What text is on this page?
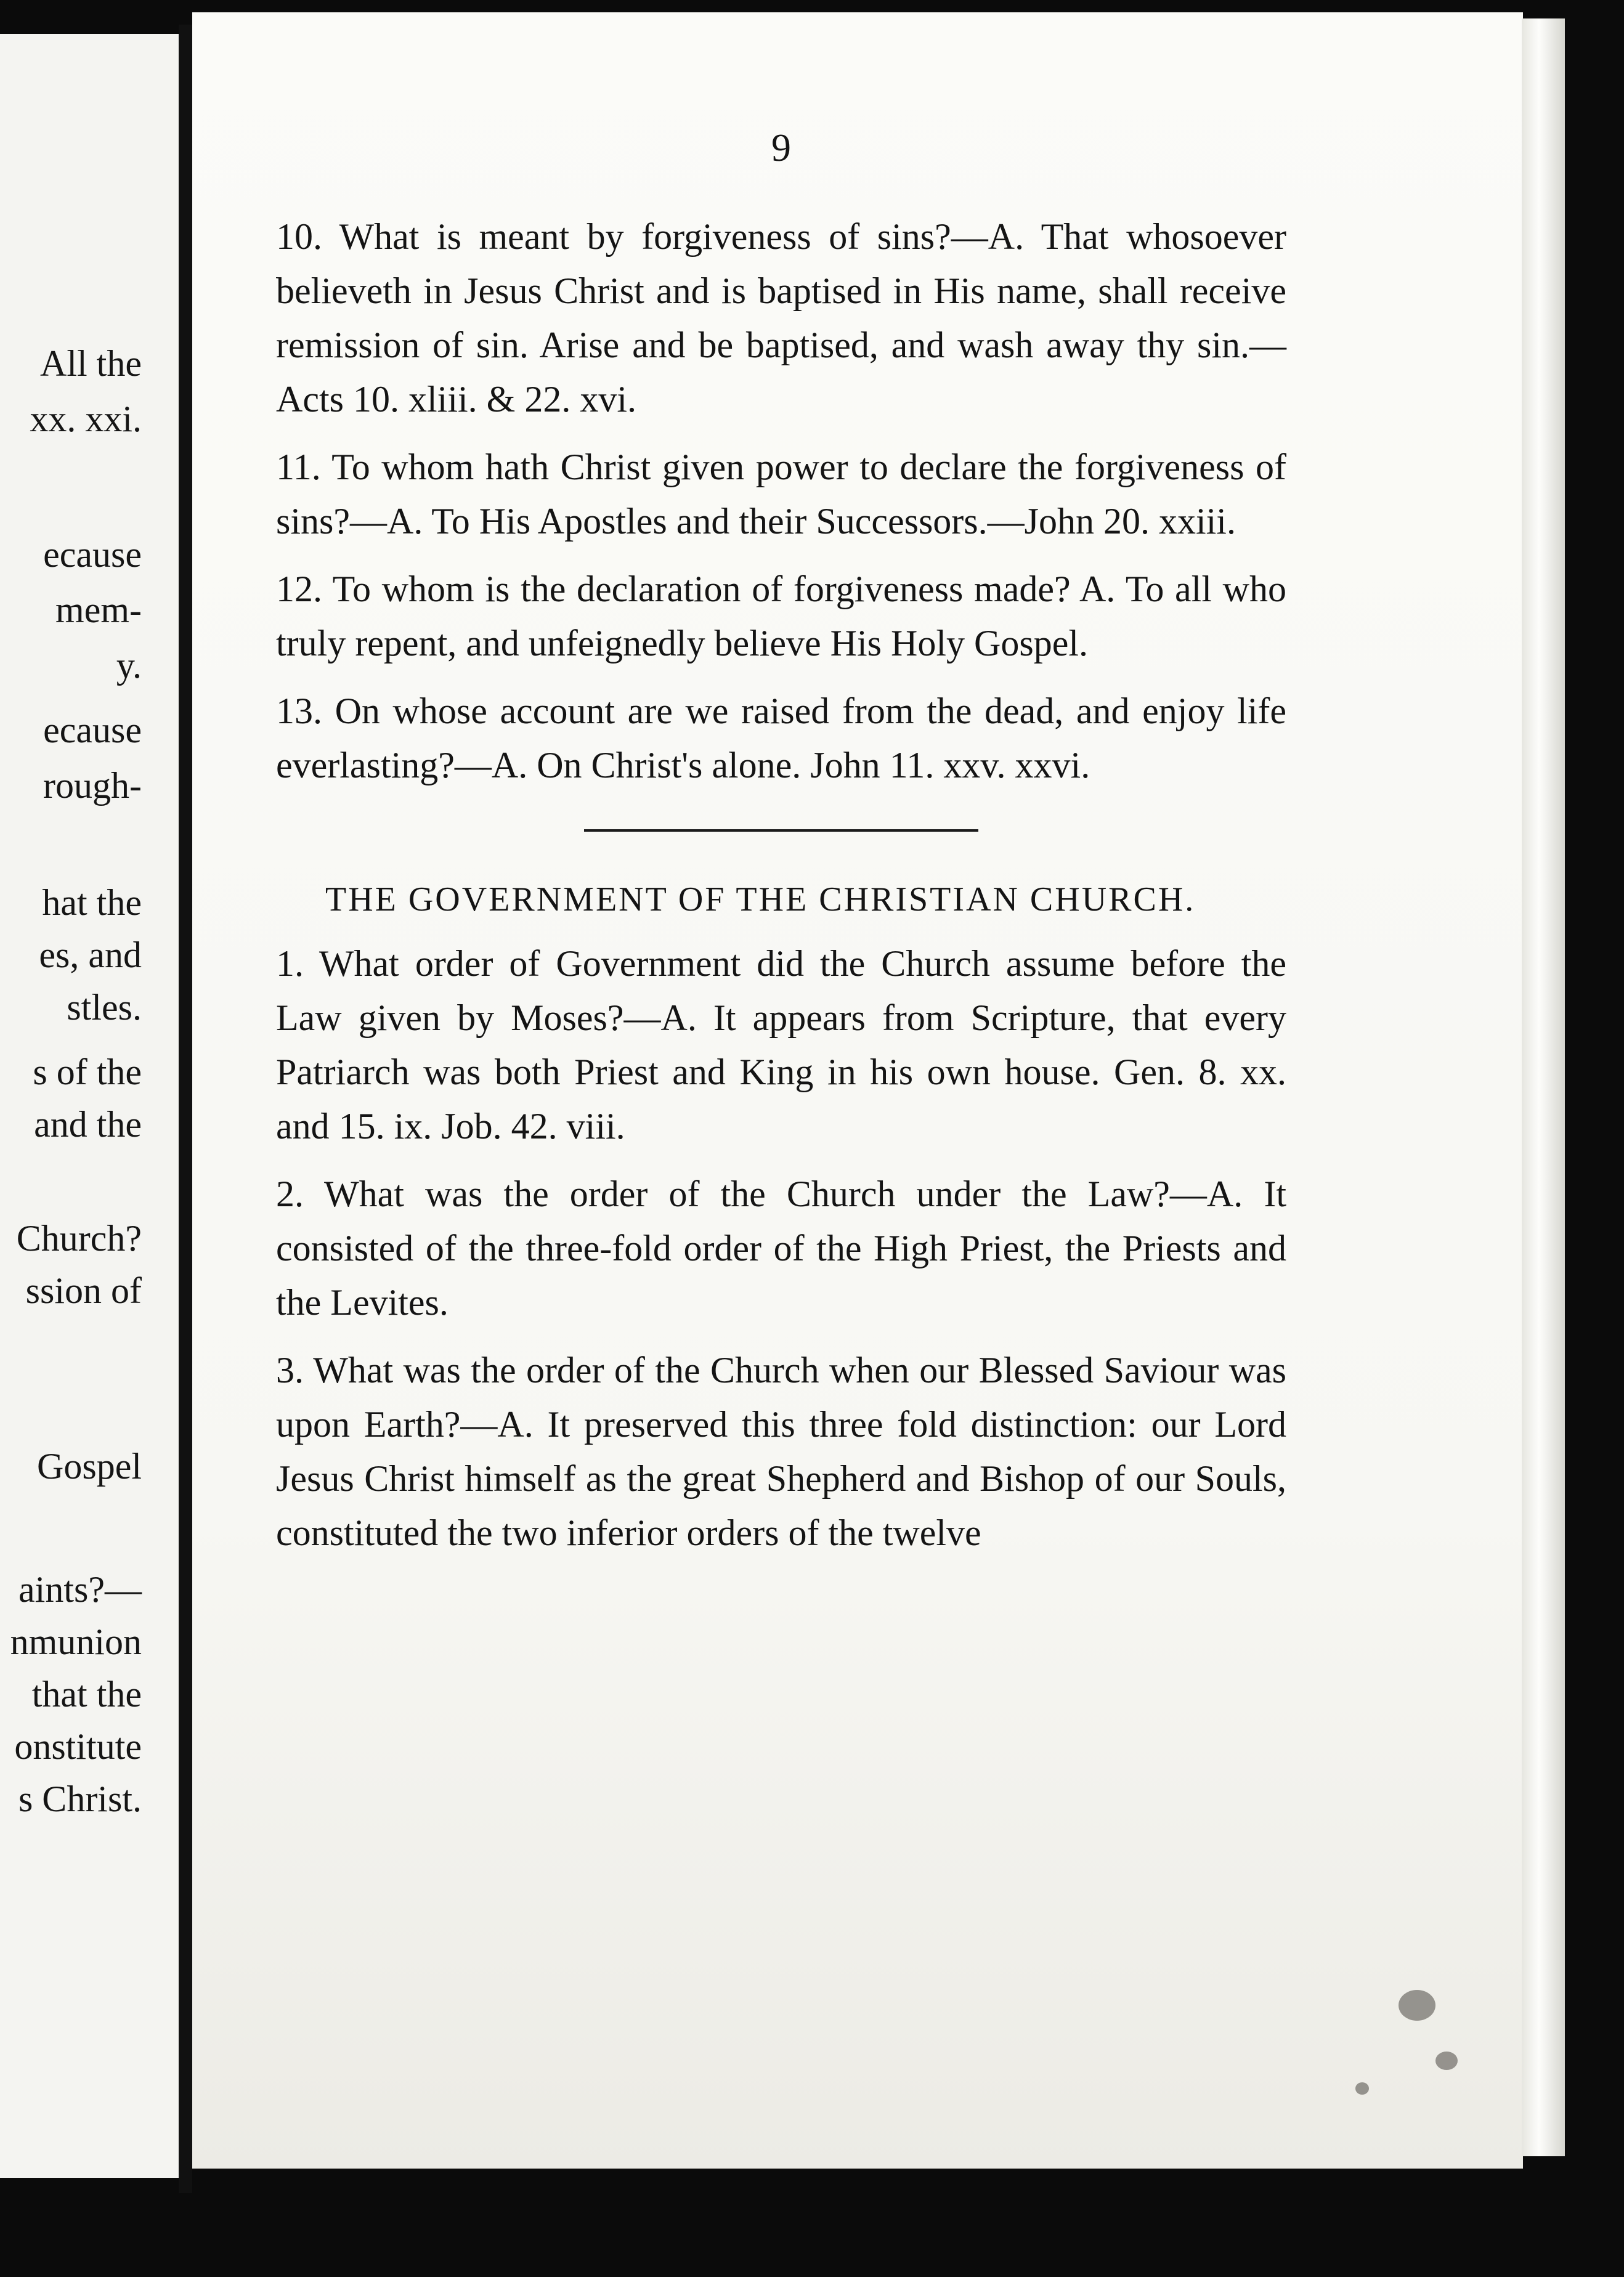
All the
xx. xxi.
ecause
mem-
y.
ecause
rough-
hat the
es, and
stles.
s of the
and the
Church?
ssion of
Gospel
aints?—
nmunion
that the
onstitute
s Christ.
9

10. What is meant by forgiveness of sins?—A. That whosoever believeth in Jesus Christ and is baptised in His name, shall receive remission of sin. Arise and be baptised, and wash away thy sin.—Acts 10. xliii. & 22. xvi.

11. To whom hath Christ given power to declare the forgiveness of sins?—A. To His Apostles and their Successors.—John 20. xxiii.

12. To whom is the declaration of forgiveness made? A. To all who truly repent, and unfeignedly believe His Holy Gospel.

13. On whose account are we raised from the dead, and enjoy life everlasting?—A. On Christ's alone. John 11. xxv. xxvi.

THE GOVERNMENT OF THE CHRISTIAN CHURCH.

1. What order of Government did the Church assume before the Law given by Moses?—A. It appears from Scripture, that every Patriarch was both Priest and King in his own house. Gen. 8. xx. and 15. ix. Job. 42. viii.

2. What was the order of the Church under the Law?—A. It consisted of the three-fold order of the High Priest, the Priests and the Levites.

3. What was the order of the Church when our Blessed Saviour was upon Earth?—A. It preserved this three fold distinction: our Lord Jesus Christ himself as the great Shepherd and Bishop of our Souls, constituted the two inferior orders of the twelve
